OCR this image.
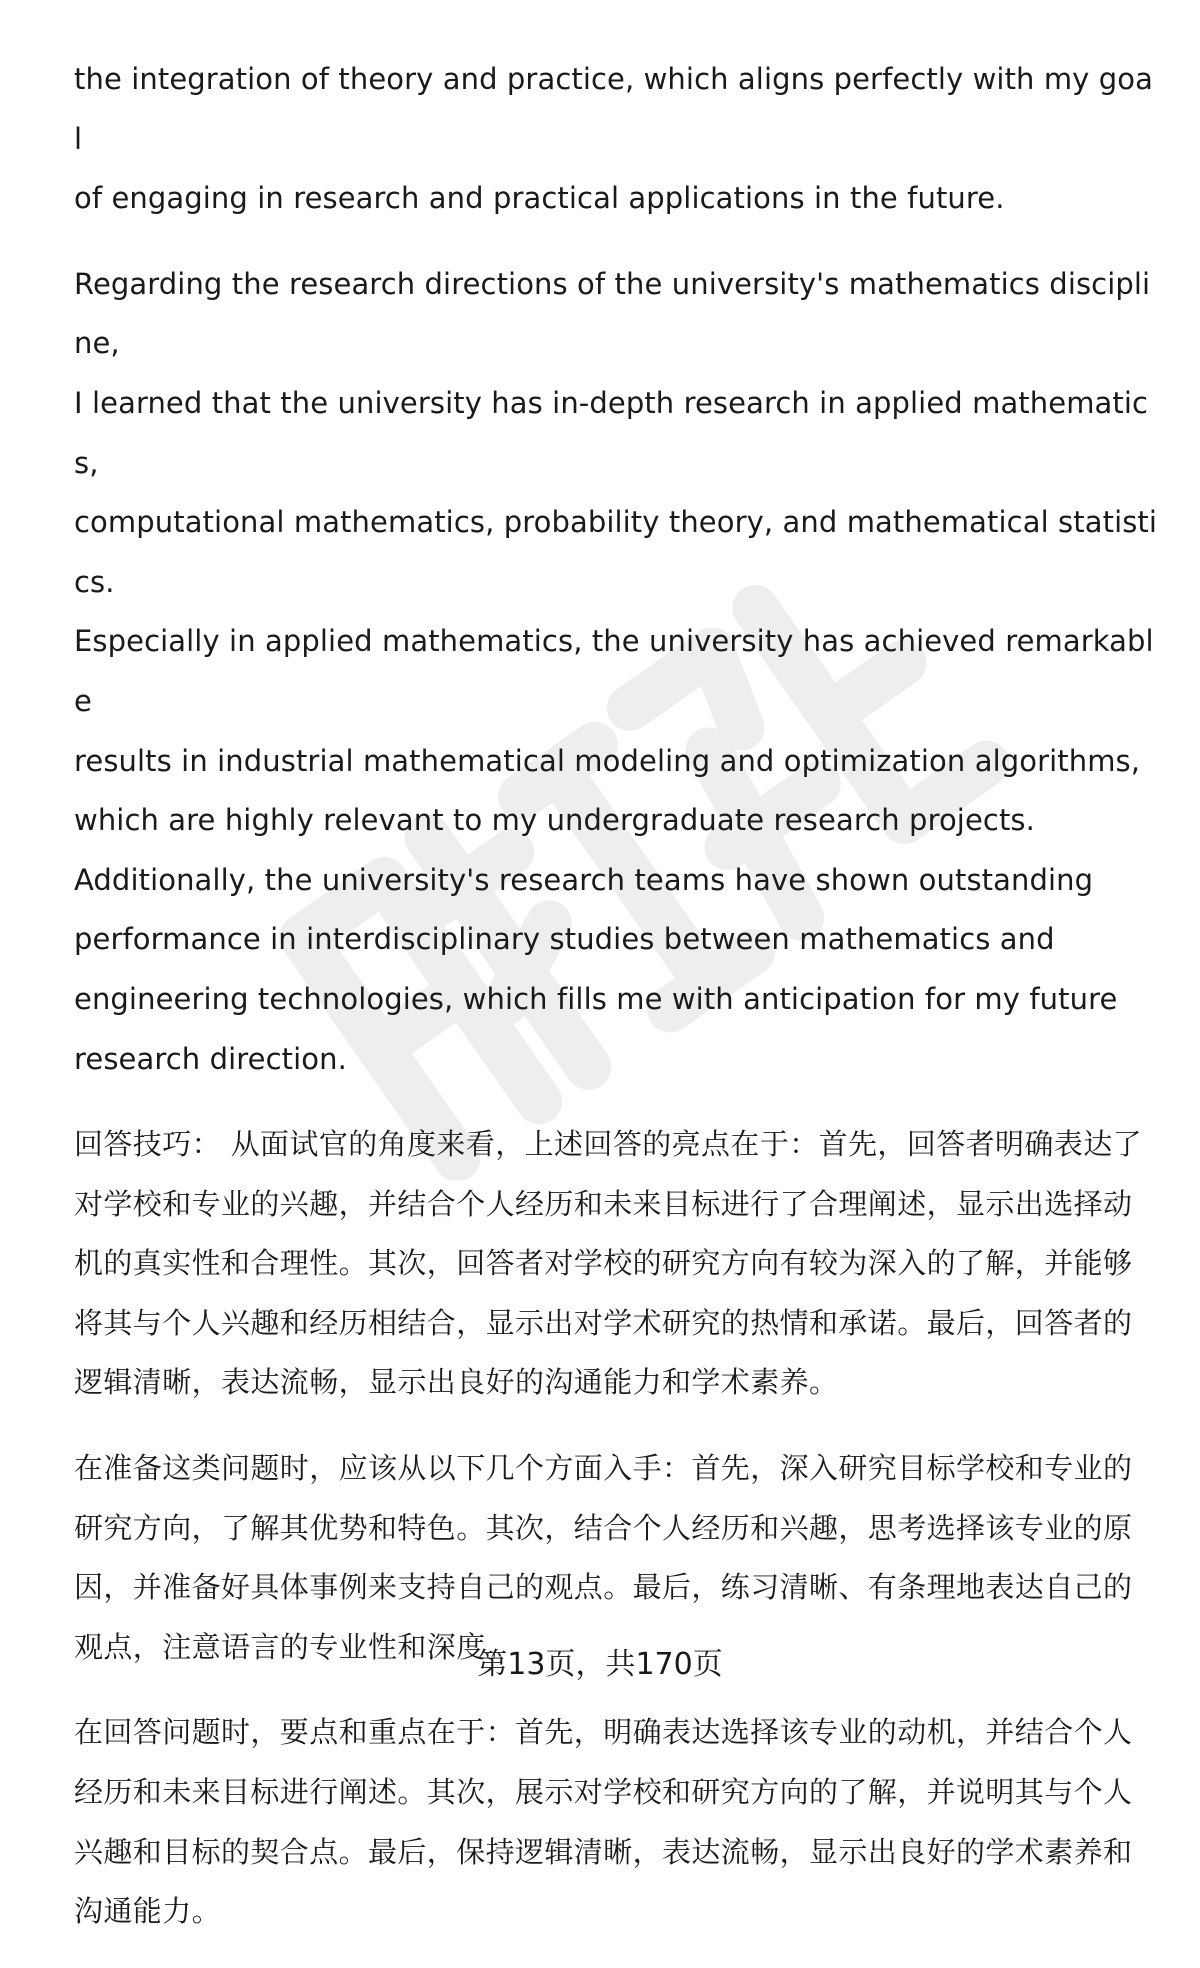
the integration of theory and practice, which aligns perfectly with my goal
of engaging in research and practical applications in the future.

Regarding the research directions of the university's mathematics discipline,
I learned that the university has in-depth research in applied mathematics,
computational mathematics, probability theory, and mathematical statistics.
Especially in applied mathematics, the university has achieved remarkable
results in industrial mathematical modeling and optimization algorithms,
which are highly relevant to my undergraduate research projects.
Additionally, the university's research teams have shown outstanding
performance in interdisciplinary studies between mathematics and
engineering technologies, which fills me with anticipation for my future
research direction.

回答技巧： 从面试官的角度来看，上述回答的亮点在于：首先，回答者明确表达了
对学校和专业的兴趣，并结合个人经历和未来目标进行了合理阐述，显示出选择动
机的真实性和合理性。其次，回答者对学校的研究方向有较为深入的了解，并能够
将其与个人兴趣和经历相结合，显示出对学术研究的热情和承诺。最后，回答者的
逻辑清晰，表达流畅，显示出良好的沟通能力和学术素养。

在准备这类问题时，应该从以下几个方面入手：首先，深入研究目标学校和专业的
研究方向，了解其优势和特色。其次，结合个人经历和兴趣，思考选择该专业的原
因，并准备好具体事例来支持自己的观点。最后，练习清晰、有条理地表达自己的
观点，注意语言的专业性和深度。

在回答问题时，要点和重点在于：首先，明确表达选择该专业的动机，并结合个人
经历和未来目标进行阐述。其次，展示对学校和研究方向的了解，并说明其与个人
兴趣和目标的契合点。最后，保持逻辑清晰，表达流畅，显示出良好的学术素养和
沟通能力。

第13页，共170页
